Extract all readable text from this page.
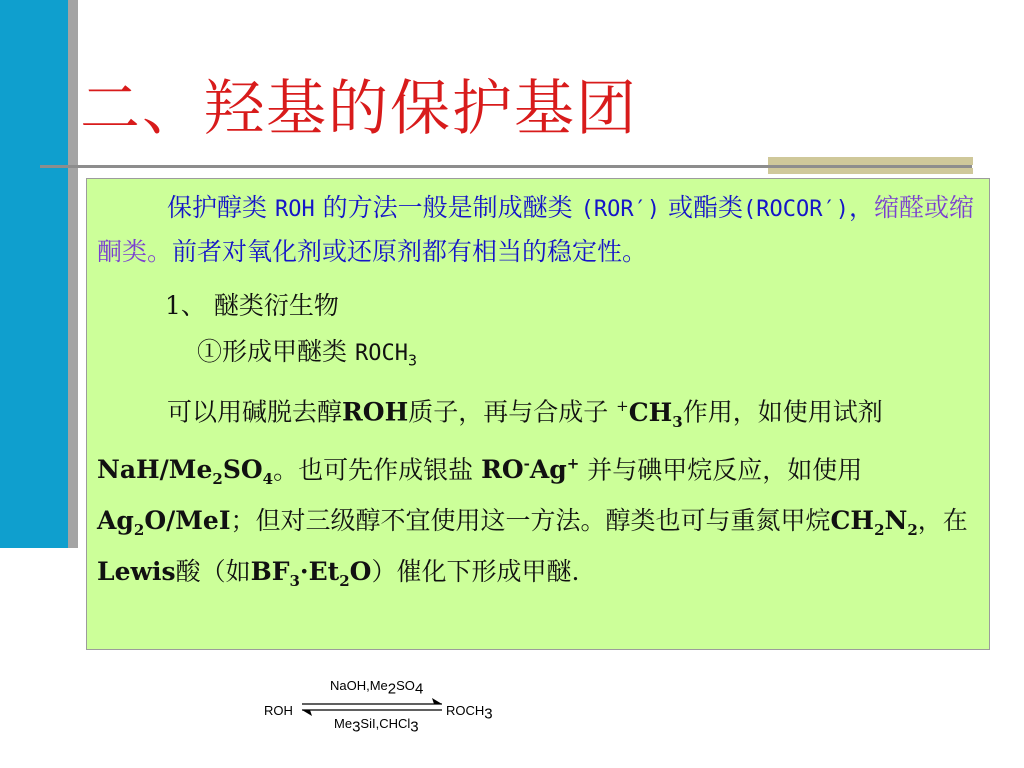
二、羟基的保护基团

保护醇类 ROH 的方法一般是制成醚类 (ROR′) 或酯类(ROCOR′)，缩醛或缩酮类。前者对氧化剂或还原剂都有相当的稳定性。

1、 醚类衍生物

①形成甲醚类 $ROCH_3$

可以用碱脱去醇ROH质子，再与合成子 $^+CH_3$作用，如使用试剂NaH/$Me_2SO_4$。也可先作成银盐 RO-Ag+ 并与碘甲烷反应，如使用 $Ag_2O$/MeI；但对三级醇不宜使用这一方法。醇类也可与重氮甲烷$CH_2N_2$，在Lewis酸（如$BF_3\cdot Et_2O$）催化下形成甲醚.

ROH	$ROCH_3$
$NaOH,Me_2SO_4$
$Me_3SiI,CHCl_3$
